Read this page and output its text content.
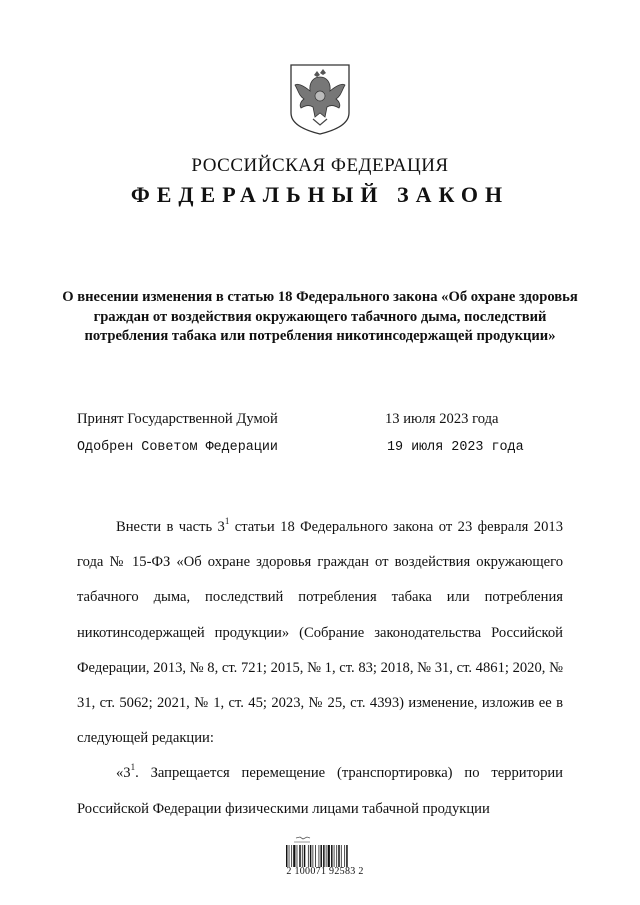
РОССИЙСКАЯ ФЕДЕРАЦИЯ
ФЕДЕРАЛЬНЫЙ ЗАКОН
О внесении изменения в статью 18 Федерального закона «Об охране здоровья граждан от воздействия окружающего табачного дыма, последствий потребления табака или потребления никотинсодержащей продукции»
Принят Государственной Думой	13 июля 2023 года
Одобрен Советом Федерации	19 июля 2023 года

Внести в часть $3^1$ статьи 18 Федерального закона от 23 февраля 2013 года № 15-ФЗ «Об охране здоровья граждан от воздействия окружающего табачного дыма, последствий потребления табака или потребления никотинсодержащей продукции» (Собрание законодательства Российской Федерации, 2013, № 8, ст. 721; 2015, № 1, ст. 83; 2018, № 31, ст. 4861; 2020, № 31, ст. 5062; 2021, № 1, ст. 45; 2023, № 25, ст. 4393) изменение, изложив ее в следующей редакции:

«$3^1$. Запрещается перемещение (транспортировка) по территории Российской Федерации физическими лицами табачной продукции

2 100071 92583 2
